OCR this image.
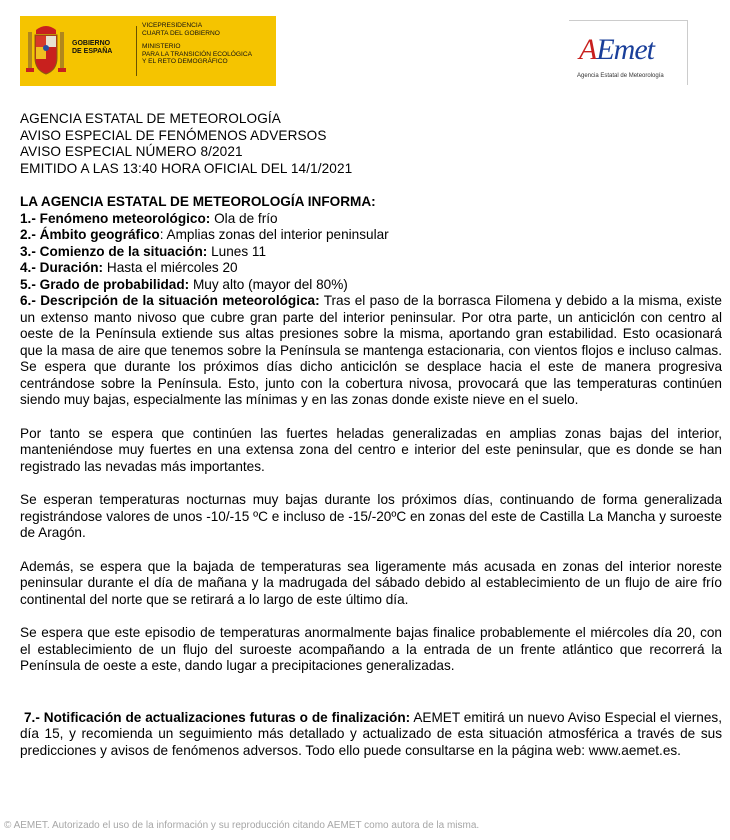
GOBIERNO
DE ESPAÑA
VICEPRESIDENCIA
CUARTA DEL GOBIERNO
MINISTERIO
PARA LA TRANSICIÓN ECOLÓGICA
Y EL RETO DEMOGRÁFICO	AEmet
Agencia Estatal de Meteorología
AGENCIA ESTATAL DE METEOROLOGÍA
AVISO ESPECIAL DE FENÓMENOS ADVERSOS
AVISO ESPECIAL NÚMERO 8/2021
EMITIDO A LAS 13:40 HORA OFICIAL DEL 14/1/2021
LA AGENCIA ESTATAL DE METEOROLOGÍA INFORMA:
1.- Fenómeno meteorológico: Ola de frío
2.- Ámbito geográfico: Amplias zonas del interior peninsular
3.- Comienzo de la situación: Lunes 11
4.- Duración: Hasta el miércoles 20
5.- Grado de probabilidad: Muy alto (mayor del 80%)
6.- Descripción de la situación meteorológica: Tras el paso de la borrasca Filomena y debido a la misma, existe un extenso manto nivoso que cubre gran parte del interior peninsular. Por otra parte, un anticiclón con centro al oeste de la Península extiende sus altas presiones sobre la misma, aportando gran estabilidad. Esto ocasionará que la masa de aire que tenemos sobre la Península se mantenga estacionaria, con vientos flojos e incluso calmas. Se espera que durante los próximos días dicho anticiclón se desplace hacia el este de manera progresiva centrándose sobre la Península. Esto, junto con la cobertura nivosa, provocará que las temperaturas continúen siendo muy bajas, especialmente las mínimas y en las zonas donde existe nieve en el suelo.
Por tanto se espera que continúen las fuertes heladas generalizadas en amplias zonas bajas del interior, manteniéndose muy fuertes en una extensa zona del centro e interior del este peninsular, que es donde se han registrado las nevadas más importantes.
Se esperan temperaturas nocturnas muy bajas durante los próximos días, continuando de forma generalizada registrándose valores de unos -10/-15 ºC e incluso de -15/-20ºC en zonas del este de Castilla La Mancha y suroeste de Aragón.
Además, se espera que la bajada de temperaturas sea ligeramente más acusada en zonas del interior noreste peninsular durante el día de mañana y la madrugada del sábado debido al establecimiento de un flujo de aire frío continental del norte que se retirará a lo largo de este último día.
Se espera que este episodio de temperaturas anormalmente bajas finalice probablemente el miércoles día 20, con el establecimiento de un flujo del suroeste acompañando a la entrada de un frente atlántico que recorrerá la Península de oeste a este, dando lugar a precipitaciones generalizadas.
7.- Notificación de actualizaciones futuras o de finalización: AEMET emitirá un nuevo Aviso Especial el viernes, día 15, y recomienda un seguimiento más detallado y actualizado de esta situación atmosférica a través de sus predicciones y avisos de fenómenos adversos. Todo ello puede consultarse en la página web: www.aemet.es.
© AEMET. Autorizado el uso de la información y su reproducción citando AEMET como autora de la misma.
